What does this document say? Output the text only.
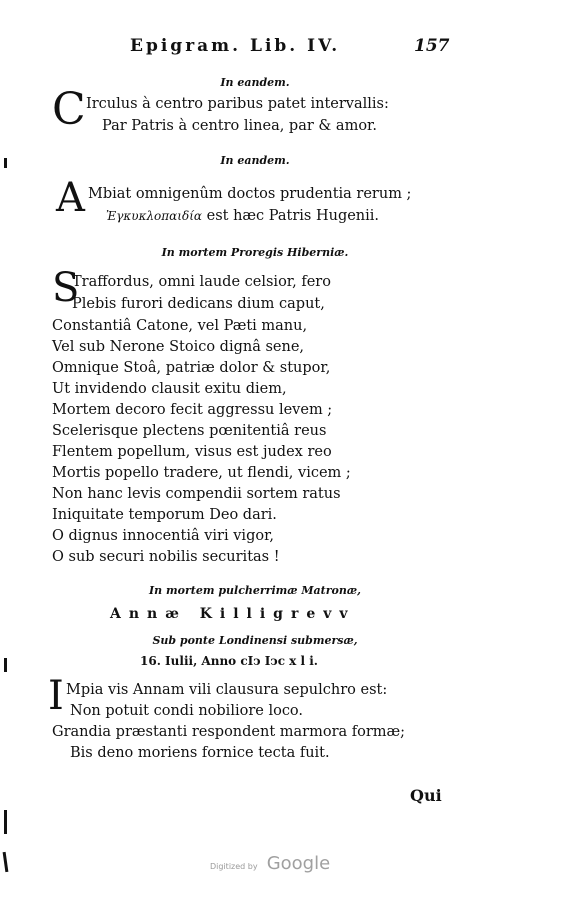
Epigram. Lib. IV.	157
In eandem.
C Irculus à centro paribus patet intervallis:
Par Patris à centro linea, par & amor.
In eandem.
A Mbiat omnigenûm doctos prudentia rerum ;
Ἐγκυκλοπαιδία est hæc Patris Hugenii.
In mortem Proregis Hiberniæ.
S
Traffordus, omni laude celsior, fero
Plebis furori dedicans dium caput,
Constantiâ Catone, vel Pæti manu,
Vel sub Nerone Stoico dignâ sene,
Omnique Stoâ, patriæ dolor & stupor,
Ut invidendo clausit exitu diem,
Mortem decoro fecit aggressu levem ;
Scelerisque plectens pœnitentiâ reus
Flentem popellum, visus est judex reo
Mortis popello tradere, ut flendi, vicem ;
Non hanc levis compendii sortem ratus
Iniquitate temporum Deo dari.
O dignus innocentiâ viri vigor,
O sub securi nobilis securitas !
In mortem pulcherrimæ Matronæ,
Annæ Killigrevv
Sub ponte Londinensi submersæ,
16. Iulii, Anno cIↄ Iↄc x l i.
I Mpia vis Annam vili clausura sepulchro est:
Non potuit condi nobiliore loco.
Grandia præstanti respondent marmora formæ;
Bis deno moriens fornice tecta fuit.
Qui
Digitized by Google
